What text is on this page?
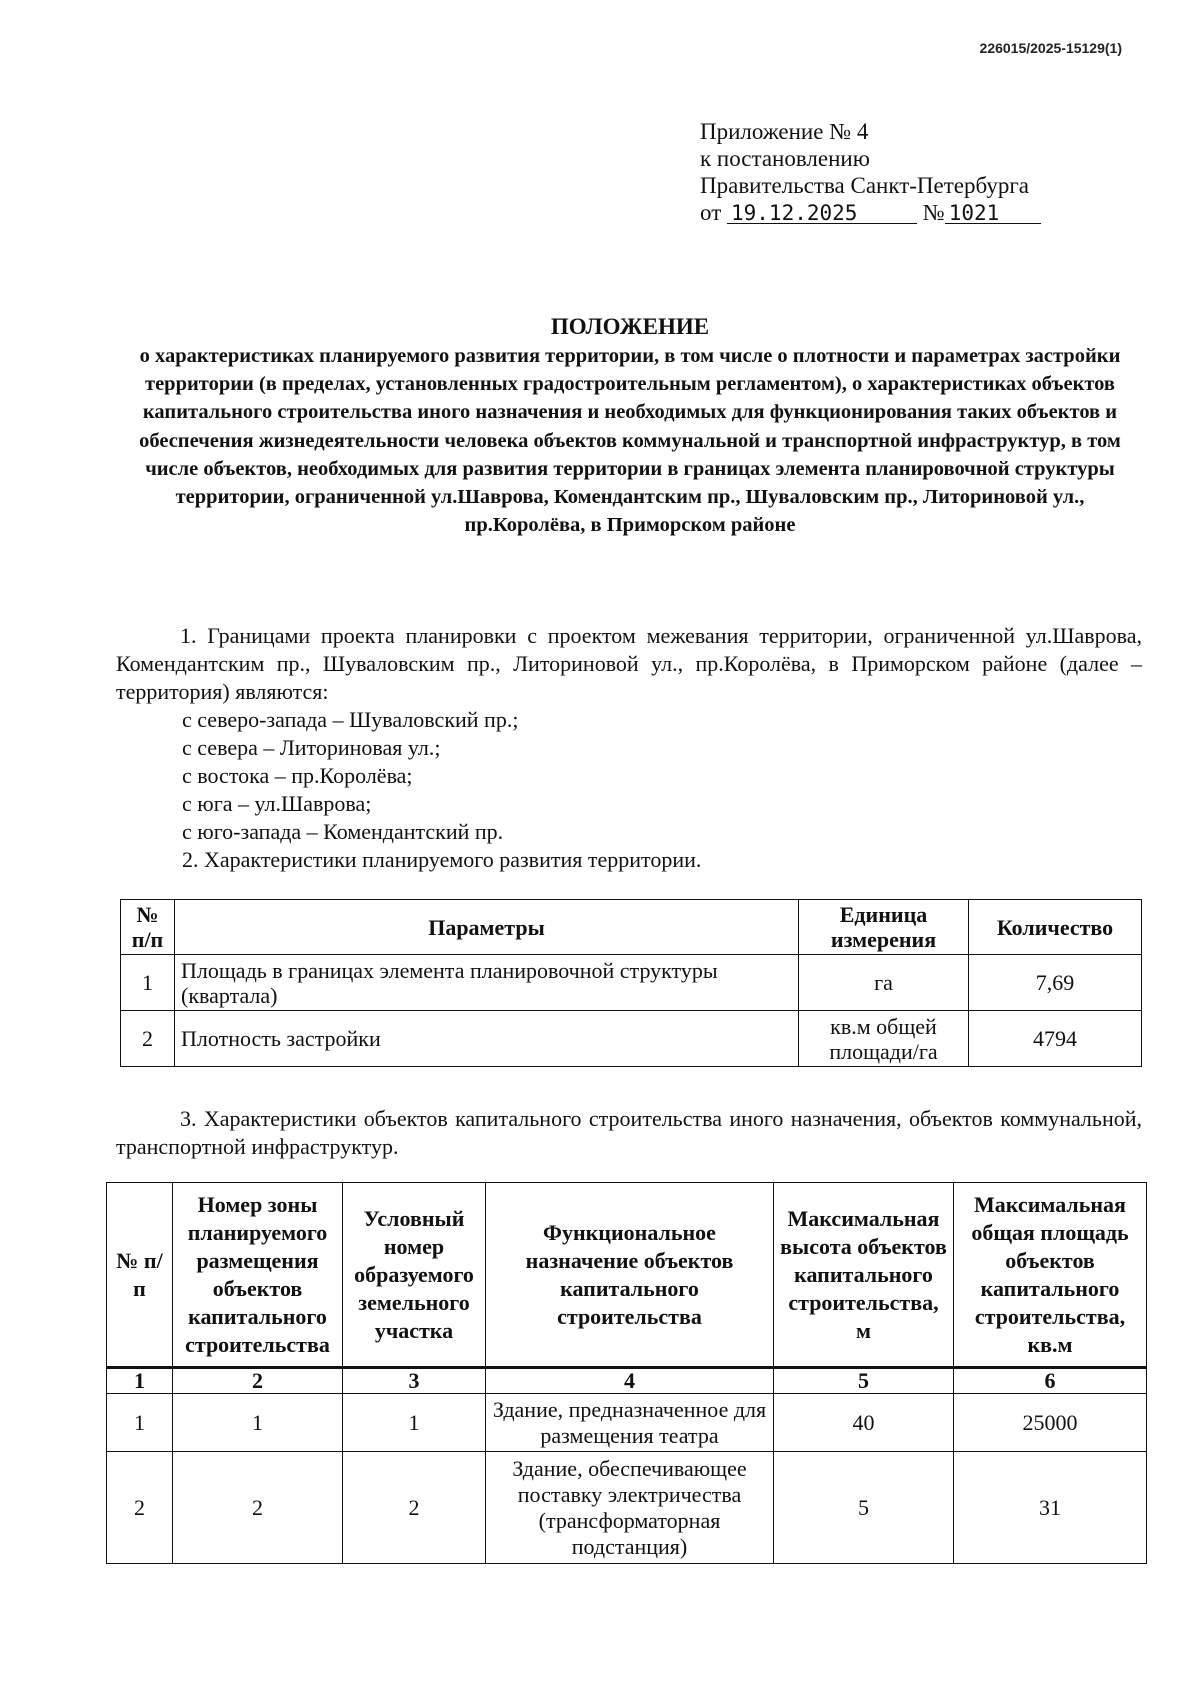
226015/2025-15129(1)
Приложение № 4
к постановлению
Правительства Санкт-Петербурга
от 19.12.2025	№ 1021
ПОЛОЖЕНИЕ
о характеристиках планируемого развития территории, в том числе о плотности и параметрах застройки территории (в пределах, установленных градостроительным регламентом), о характеристиках объектов капитального строительства иного назначения и необходимых для функционирования таких объектов и обеспечения жизнедеятельности человека объектов коммунальной и транспортной инфраструктур, в том числе объектов, необходимых для развития территории в границах элемента планировочной структуры территории, ограниченной ул.Шаврова, Комендантским пр., Шуваловским пр., Литориновой ул., пр.Королёва, в Приморском районе

1. Границами проекта планировки с проектом межевания территории, ограниченной ул.Шаврова, Комендантским пр., Шуваловским пр., Литориновой ул., пр.Королёва, в Приморском районе (далее – территория) являются:

с северо-запада – Шуваловский пр.;

с севера – Литориновая ул.;

с востока – пр.Королёва;

с юга – ул.Шаврова;

с юго-запада – Комендантский пр.

2. Характеристики планируемого развития территории.

№ п/п	Параметры	Единица измерения	Количество
1	Площадь в границах элемента планировочной структуры (квартала)	га	7,69
2	Плотность застройки	кв.м общей площади/га	4794

3. Характеристики объектов капитального строительства иного назначения, объектов коммунальной, транспортной инфраструктур.

№ п/п	Номер зоны планируемого размещения объектов капитального строительства	Условный номер образуемого земельного участка	Функциональное назначение объектов капитального строительства	Максимальная высота объектов капитального строительства, м	Максимальная общая площадь объектов капитального строительства, кв.м
1	2	3	4	5	6
1	1	1	Здание, предназначенное для размещения театра	40	25000
2	2	2	Здание, обеспечивающее поставку электричества (трансформаторная подстанция)	5	31
